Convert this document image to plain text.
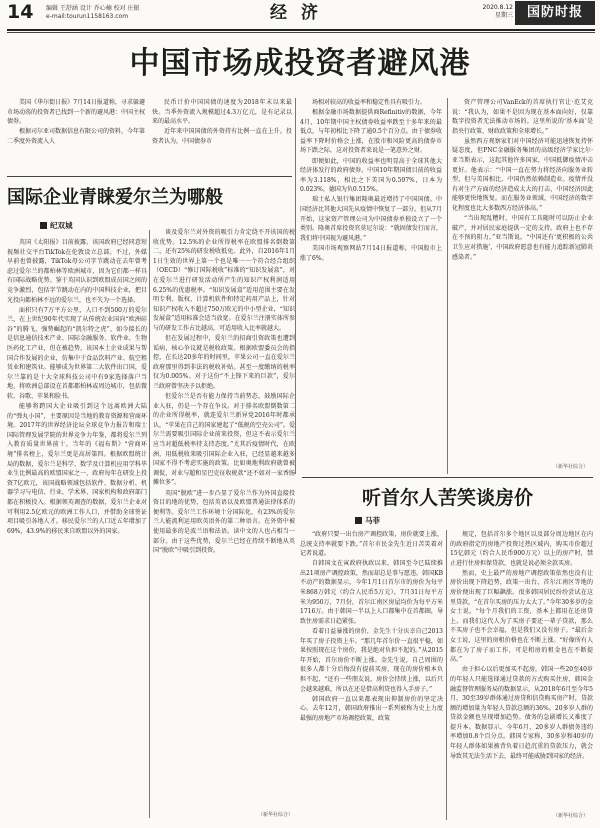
14 编辑 王舒涵 设计 乔心楠 校对 庄振
e-mail:tourun1158163.com	经 济	2020.8.12
星期三	国防时报
中国市场成投资者避风港

美国《华尔街日报》7月14日报道称，寻求躲避市场动荡的投资者已找到一个新的避风港：中国主权债券。

根据司尔亚司数据信息有限公司的资料，今年第二季度外资流入人

民币计价中国国债的速度为2018年末以来最快。当季外资流入规模超过4.3万亿元，是有记录以来的最高水平。

近年来中国国债的外资持有比例一直在上升。投资者认为，中国债券市

场相对较高的收益率和稳定性具有吸引力。

根据金融市场数据提供商Refinitiv的数据，今年4月，10年期中国主权债券收益率跌至十多年来的最低点，与年初相比下降了逾0.5个百分点。由于债券收益率下降时价格会上涨，在股市和风险更高的债券市场下跌之际，这对投资者来说是一笔意外之财。

即便如此，中国的收益率也明显高于全球其他大经济体发行的政府债券。中国10年期国债目前的收益率为3.118%，相比之下美国为0.597%，日本为0.023%，德国为负0.515%。

瑞士私人银行集团隆奥最近增持了中国国债。中国经济比其他大国先从疫情中恢复了一部分。但从7月开始，这家资产管理公司为中国债券单独设立了一个类别。隆奥首席投资官莫尼尔说：“就固债发行而言，我们将中国视为避风港。”

美国市场观察网站7月14日报道称，中国股市上涨了6%。

资产管理公司VanEck的首席执行官让·范艾克说：“我认为，如果不是因为现在基本面向好，仅靠数字投资者无法推动市场的。这里所说的‘基本面’是指央行政策、财政政策和全球增长。”

虽然西方观察家们对中国经济可能迅速恢复持怀疑态度，但PNC金融服务集团的高级经济学家比尔·亚当斯表示，这起其他许多国家，中国抵御疫情冲击更好。他表示：“中国一直在努力将经济向服务业转型，但与美国相比，中国仍然依赖制造业。疫情并没有对生产方面的经济造成太大的打击，中国经济因此能够更快地恢复。而在服务业领域，中国经济的数字化程度也比大多数西方经济体高。”

“当出现乱糟时，中国有工具随时可以防止企业破产，并对居民家庭提供一定的支持。政府上也不存在不预的阻力，”亚当斯说。“中国还有‘更积极的公共卫生应对措施’，中国政府愿意也有能力追踪新冠肺炎感染者。”

（新华社综合）
国际企业青睐爱尔兰为哪般
纪双城

英国《太阳报》目前披露，该国政府已经同意短视频社交平台TikTok在伦敦设立总部。不过，外媒早前也曾披露，TikTok母公司字节跳动在去年曾考虑过爱尔兰的都柏林等欧洲城市，因为它们都一样具有国际战略优势。鉴于英国认识到欧盟成员国之间的竞争激烈，包括字节跳动在内的中国科技企业，把目光投向都柏林不远的爱尔兰，也不失为一个选择。

面积只有7万平方公里，人口不到500万的爱尔兰，在上世纪90年代实现了从传统农业国向“欧洲硅谷”的腾飞，强势崛起的“凯尔特之虎”，如今接长的是信息通信技术产业、国际金融服务、软件业、生物医药化工产业，但在被趋势，该国本土企业成果与帮国合作发展的企业，仿集中于食品饮料产业、航空租赁业和建筑业。能够成为世界第二大软件出口国，爱尔兰靠的是十大全球科技公司中有9家选择落户当地，将欧洲总部设在首都都柏林或周边城市，包括微软、谷歌、苹果和脸书。

能够将跨国大企业吸引到这个远离欧洲大陆的“弹丸小国”，主要原因是当地的教育资源和营商环境。2017年的世界经济论坛全球竞争力报告和瑞士国际管理发展学院的世界竞争力年鉴，都将爱尔兰列入教育质量世界前十。当年的《福布斯》“营商环境”排名榜上，爱尔兰更是高居第四。根据欧盟统计局的数据，爱尔兰是科学、数学及计算机应用学科毕业生比例最高的欧盟国家之一，政府每年在研发上投资7亿欧元，该国战略领域包括软件、数据分析、机器学习与电信、行业、学术界、国家机构和政府部门都在积极投入。根据领英调查的数据，爱尔兰企业对可利用2.5亿欧元的欧洲工作人口，并借助全球签证项目吸引各地人才。移民爱尔兰的人口近五年增加了69%，43.9%的移民来自欧盟以外的国家。

谈及爱尔兰对外资的吸引力肯定绕不开该国的税收优势。12.5%的企业所得税率在欧盟排名倒数第二，还有25%的研发税收抵免。此外，自2016年1月1日生效的世界上第一个也是唯一一个符合经合组织（OECD）“修订国际税收”标准的“知识发展盒”，对在爱尔兰进行研发活动所产生的知识产权利润适用6.25%的优惠税率。“知识发展盒”适用范围主要在发明专利、版权、计算机软件和特定药用产品上，针对知识产权收入不超过750万欧元的中小型企业，“知识发展盒”适用标准会适当放宽。在爱尔兰注册实体所参与的研发工作占比越高，可适用收入比率就越大。

但在发展过程中，爱尔兰的招商引资政策也遭到诟病，核心争议就是税收政策。根据欧盟委员会的指控，在长达20多年的时间里，苹果公司一直在爱尔兰政府那里得到非法的税收补贴。甚至一度缴纳的税率仅为0.005%。对于这份“不上锋下来的巨款”，爱尔兰政府曾坚决予以拒绝。

但爱尔兰是否有能力保持当前势态，鼓励国际企业入驻，仍是一个存在争议。对于排名欧盟倒数第二的企业所得税率，就连爱尔兰新异党2016年时都承认，“苹果在自己的国家建起了“低税的空壳公司”。爱尔兰需要吸引国际企业前来投资，但这不表示爱尔兰应当对超低税率持支持态度。”尤其后疫情时代，在欧洲，用低税收来吸引国际企业入驻，已经显越来越多国家不得不考虑实施的政策。比如奥地利政府就曾被调侃，对业与超和星巴克征收税款“还不如对一家香肠摊位多”。

英国“脱欧”进一步凸显了爱尔兰作为外国直接投资目的地的优势，包括英语以及欧盟普通法律体系的便利等。爱尔兰工作环境十分国际化，有23%的爱尔兰人能流利运用欧英语外的第二种语言。在外资中被使用最多的是波兰语和法语。读中文的人也占相当一部分。由于这些优势，爱尔兰已经在持续不断地从英国“脱欧”中吸引到投资。

（新华社综合）
听首尔人苦笑谈房价
马菲

“政府只要一出台房产调控政策，房价就要上涨，总统支持率就要下跌。”首尔市民金先生近日苦笑着对记者说道。

自韩国文在寅政府执政以来，韩国至今已陆续推出21项房产调控政策，然而却总是事与愿违。韩国KB不动产的数据显示，今年1月1日首尔市的房价为每平米868万韩元（约合人民币5万元），7月31日每平方米为950万，7月份，首尔江南区房屋均价为每平方米1716万。由于韩国一半以上人口都集中在首都圈，导致住房需求日趋紧张。

看着日益暴涨的房价，金先生十分庆幸自己2013年买了房子投资上车。“那几年首尔价一直很平稳，如果按照现在这个房价，我是绝对负担不起的。”从2015年开始，首尔房价不断上涨。金先生说，自己周围的很多人都十分后悔没有提前买房，现在的房价根本负担不起，“还有一些朋友说，房价会持续上涨，以后只会越来越难，所以在还是借高利贷也得入手房子。”

韩国政府一直以来都表现出抑制房价的坚定决心。去年12月，韩国政府推出一系列被称为史上力度最强的房地产市场调控政策，政策

规定，包括首尔多个地区以及部分周边地区在内的政府指定的房地产投资过热区域内，购买市价超过15亿韩元（约合人民币900万元）以上的房产时，禁止进行住房担保贷款，也就是说必须全款买房。

然而，史上最严的房地产调控政策依然也没有让房价出现下降趋势，政策一出台，首尔江南区等地的房价便出现了巨幅飙涨。很多韩国居民纷纷尝试在这里贷款，“在首尔买房的压力太大了。”今年30多岁的金女士说，“每个月我们的工资，基本上都用在还房贷上。而我们这代人为了买房子要还一辈子贷款，那么不买房子也不会幸福，但是我们又没有房子。“最后金女士说，这里的房租价格也在不断上涨。“好像所有人都在为了房子而工作，可是租房的租金也在不断提高。”

由于担心以后更加买不起房，韩国一些20至40岁的年轻人只能选择通过贷款的方式购买住房，韩国金融监督管理服务局的数据显示，从2018年6月至今年5月，30至39岁群体通过房贷和信贷购买房产时，贷款额的增加量为年轻人贷款总额的36%。20多岁人群的贷款金额也呈现增加趋势。债务的急剧增长又难度了提升本。数据显示，今年6月，20多岁人群债务违约率增加0.8个百分点。韩国专家称，30多岁和40岁的年轻人群体如果被背负着日趋沉重的贷款压力，就会导致其无法生活下去，最终可能威胁到国家的经济。

（新华社综合）
